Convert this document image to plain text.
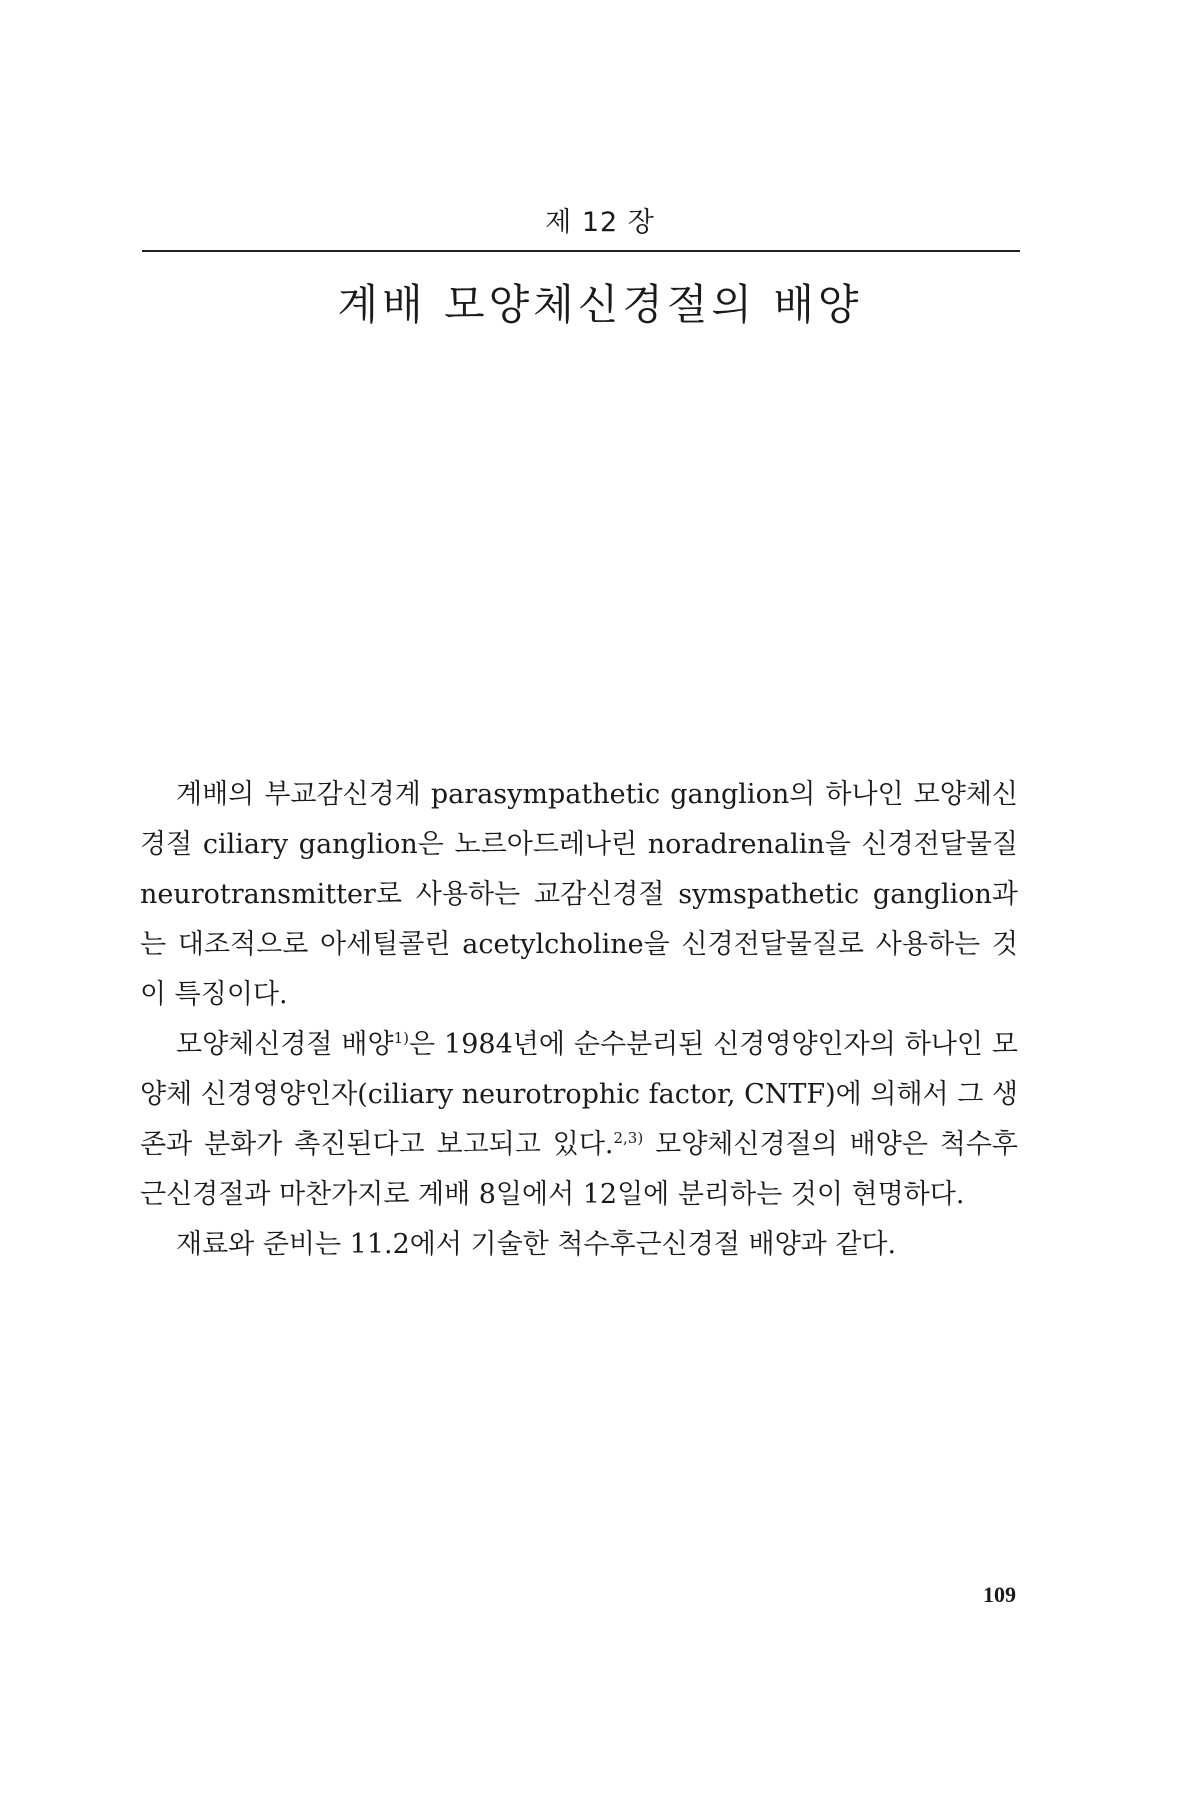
제 12 장
계배 모양체신경절의 배양

계배의 부교감신경계 parasympathetic ganglion의 하나인 모양체신경절 ciliary ganglion은 노르아드레나린 noradrenalin을 신경전달물질 neurotransmitter로 사용하는 교감신경절 symspathetic ganglion과는 대조적으로 아세틸콜린 acetylcholine을 신경전달물질로 사용하는 것이 특징이다.

모양체신경절 배양$^{1)}$은 1984년에 순수분리된 신경영양인자의 하나인 모양체 신경영양인자(ciliary neurotrophic factor, CNTF)에 의해서 그 생존과 분화가 촉진된다고 보고되고 있다.$^{2,3)}$ 모양체신경절의 배양은 척수후근신경절과 마찬가지로 계배 8일에서 12일에 분리하는 것이 현명하다.

재료와 준비는 11.2에서 기술한 척수후근신경절 배양과 같다.

109
